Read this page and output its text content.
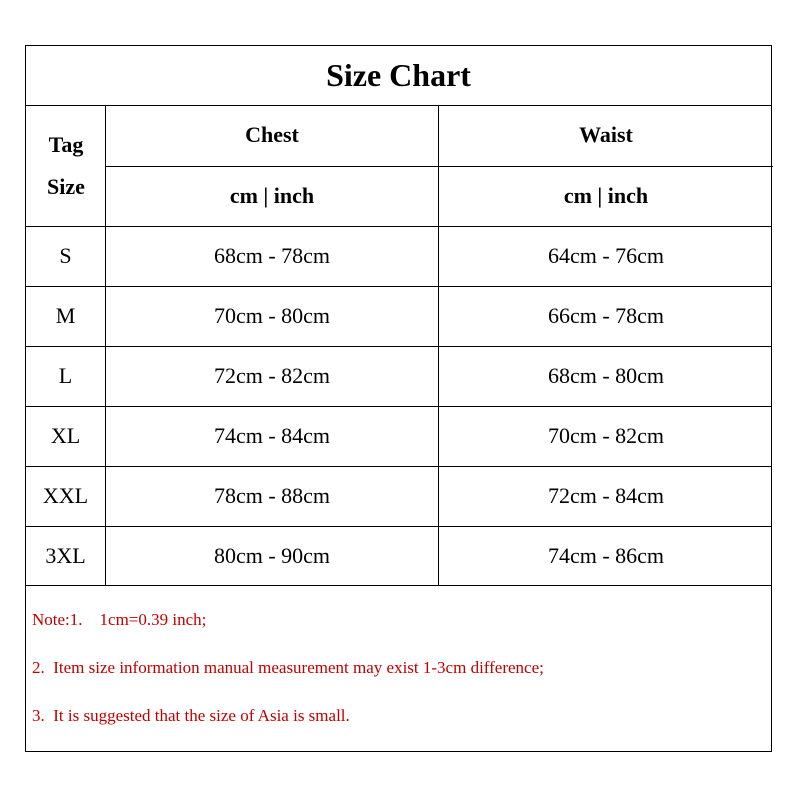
Size Chart
Tag
Size
Chest	Waist
cm | inch	cm | inch
S	68cm - 78cm	64cm - 76cm
M	70cm - 80cm	66cm - 78cm
L	72cm - 82cm	68cm - 80cm
XL	74cm - 84cm	70cm - 82cm
XXL	78cm - 88cm	72cm - 84cm
3XL	80cm - 90cm	74cm - 86cm
Note:1.    1cm=0.39 inch;
2.  Item size information manual measurement may exist 1-3cm difference;
3.  It is suggested that the size of Asia is small.
